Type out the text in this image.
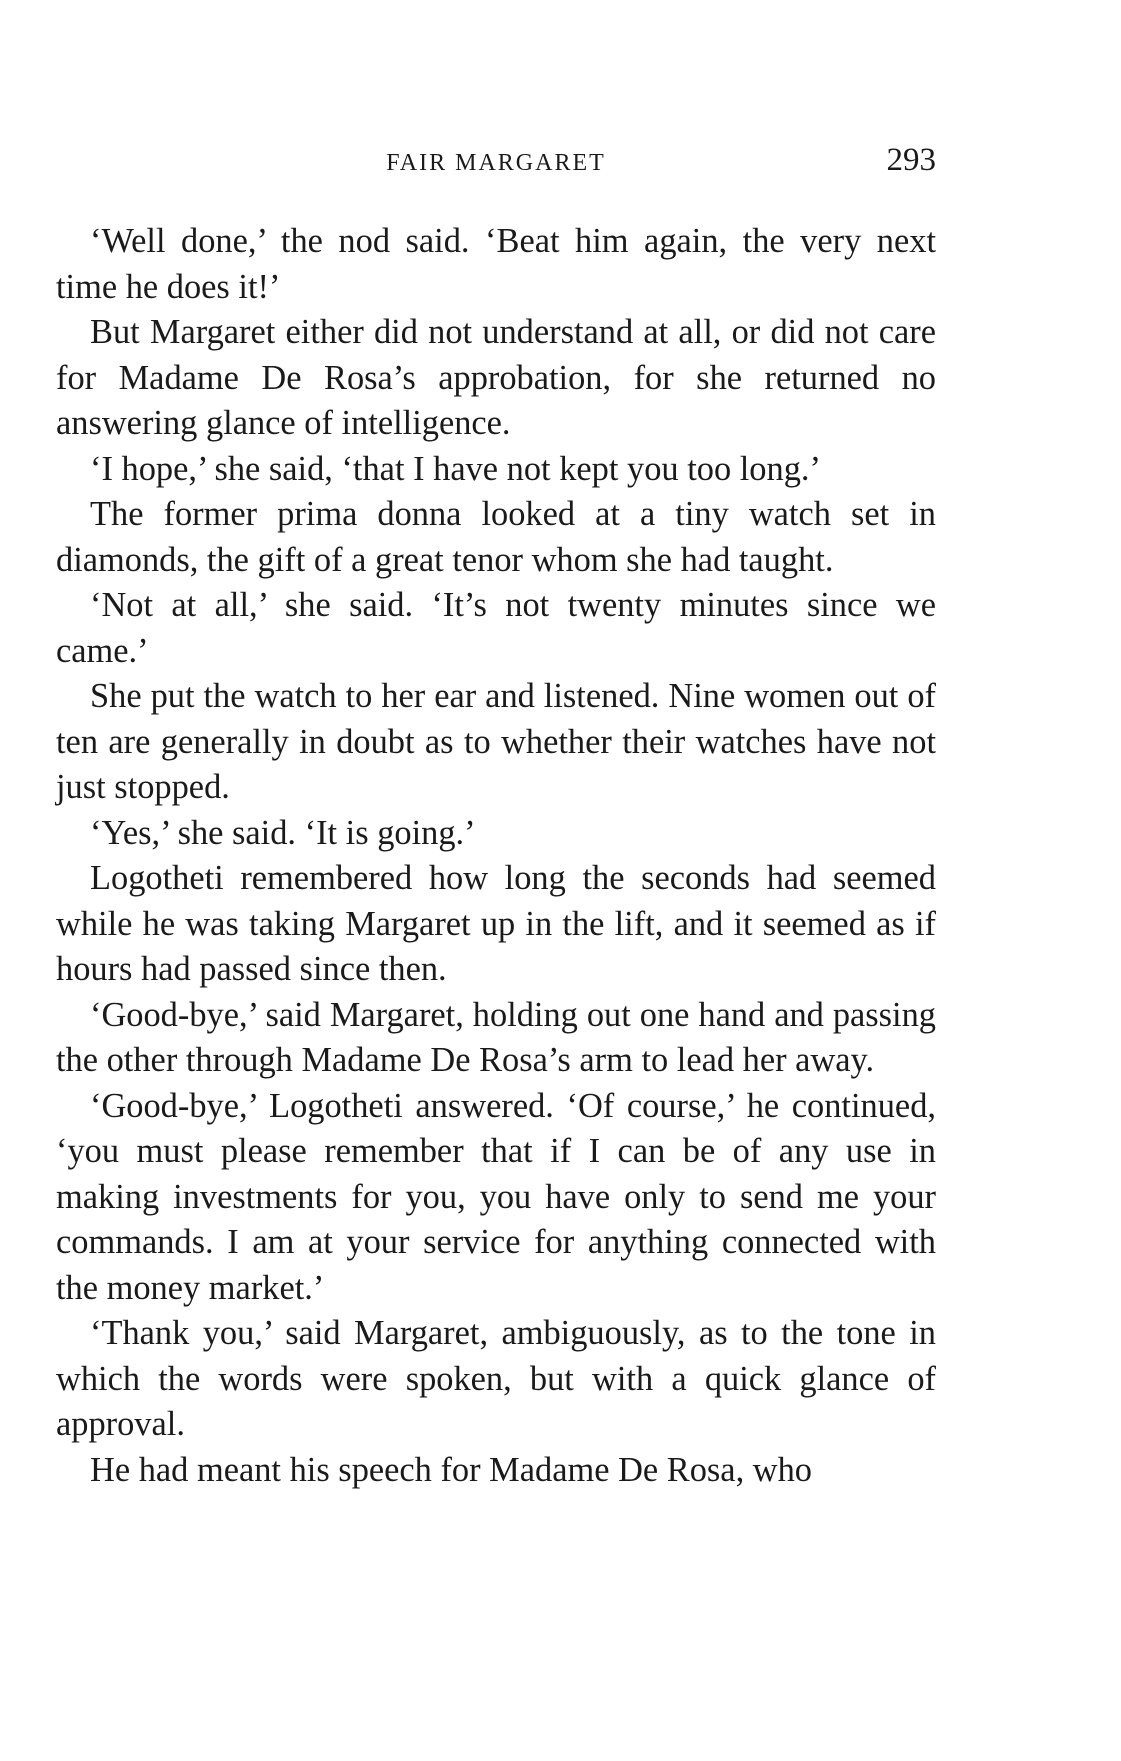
FAIR MARGARET	293

‘Well done,’ the nod said. ‘Beat him again, the very next time he does it!’

But Margaret either did not understand at all, or did not care for Madame De Rosa’s approbation, for she returned no answering glance of intelligence.

‘I hope,’ she said, ‘that I have not kept you too long.’

The former prima donna looked at a tiny watch set in diamonds, the gift of a great tenor whom she had taught.

‘Not at all,’ she said. ‘It’s not twenty minutes since we came.’

She put the watch to her ear and listened. Nine women out of ten are generally in doubt as to whether their watches have not just stopped.

‘Yes,’ she said. ‘It is going.’

Logotheti remembered how long the seconds had seemed while he was taking Margaret up in the lift, and it seemed as if hours had passed since then.

‘Good-bye,’ said Margaret, holding out one hand and passing the other through Madame De Rosa’s arm to lead her away.

‘Good-bye,’ Logotheti answered. ‘Of course,’ he continued, ‘you must please remember that if I can be of any use in making investments for you, you have only to send me your commands. I am at your service for anything connected with the money market.’

‘Thank you,’ said Margaret, ambiguously, as to the tone in which the words were spoken, but with a quick glance of approval.

He had meant his speech for Madame De Rosa, who
